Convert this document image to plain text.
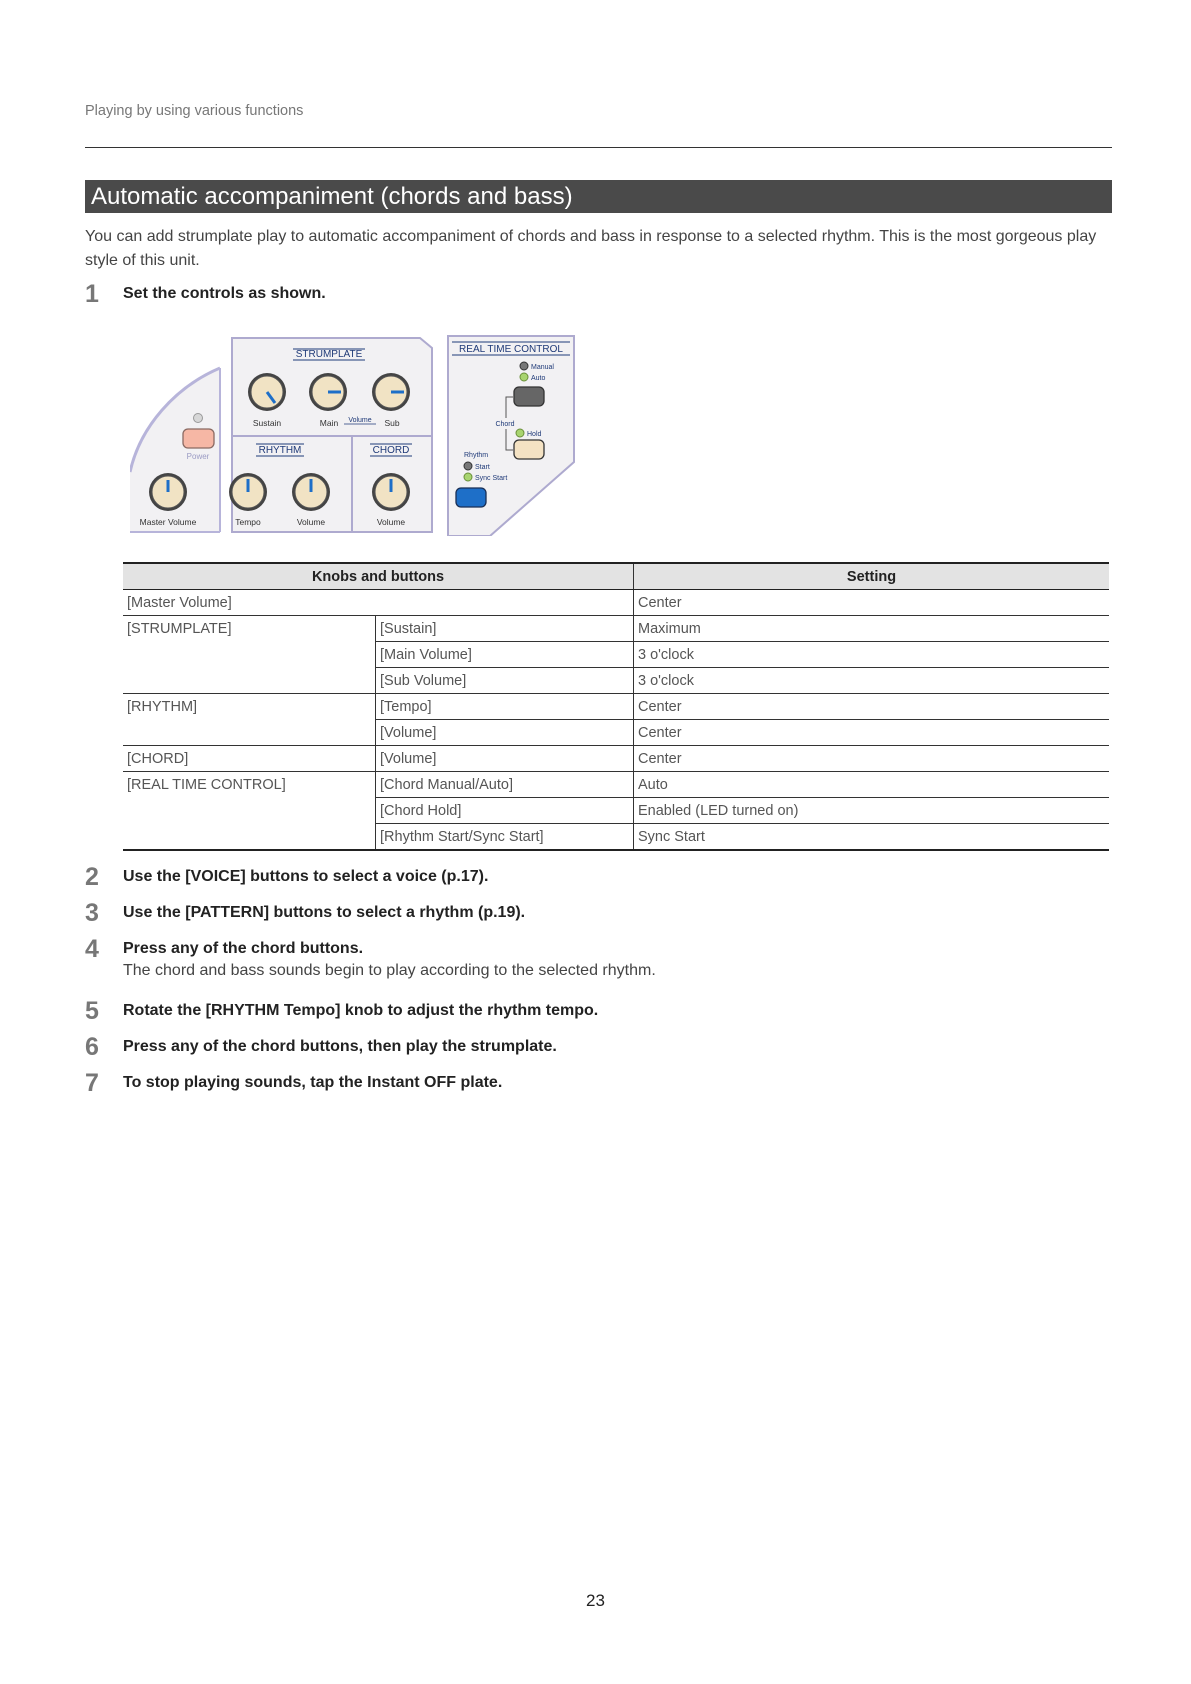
Playing by using various functions
Automatic accompaniment (chords and bass)
You can add strumplate play to automatic accompaniment of chords and bass in response to a selected rhythm. This is the most gorgeous play style of this unit.
1 Set the controls as shown.
Power
Master Volume
STRUMPLATE
Sustain	Main Volume Sub
RHYTHM	CHORD
Tempo	Volume	Volume
REAL TIME CONTROL
Manual
Auto
Chord
Hold
Rhythm
Start
Sync Start
Knobs and buttons		Setting
[Master Volume]		Center
[STRUMPLATE]	[Sustain]	Maximum
	[Main Volume]	3 o'clock
	[Sub Volume]	3 o'clock
[RHYTHM]	[Tempo]	Center
	[Volume]	Center
[CHORD]	[Volume]	Center
[REAL TIME CONTROL]	[Chord Manual/Auto]	Auto
	[Chord Hold]	Enabled (LED turned on)
	[Rhythm Start/Sync Start]	Sync Start
2 Use the [VOICE] buttons to select a voice (p.17).
3 Use the [PATTERN] buttons to select a rhythm (p.19).
4 Press any of the chord buttons.
The chord and bass sounds begin to play according to the selected rhythm.
5 Rotate the [RHYTHM Tempo] knob to adjust the rhythm tempo.
6 Press any of the chord buttons, then play the strumplate.
7 To stop playing sounds, tap the Instant OFF plate.
23
